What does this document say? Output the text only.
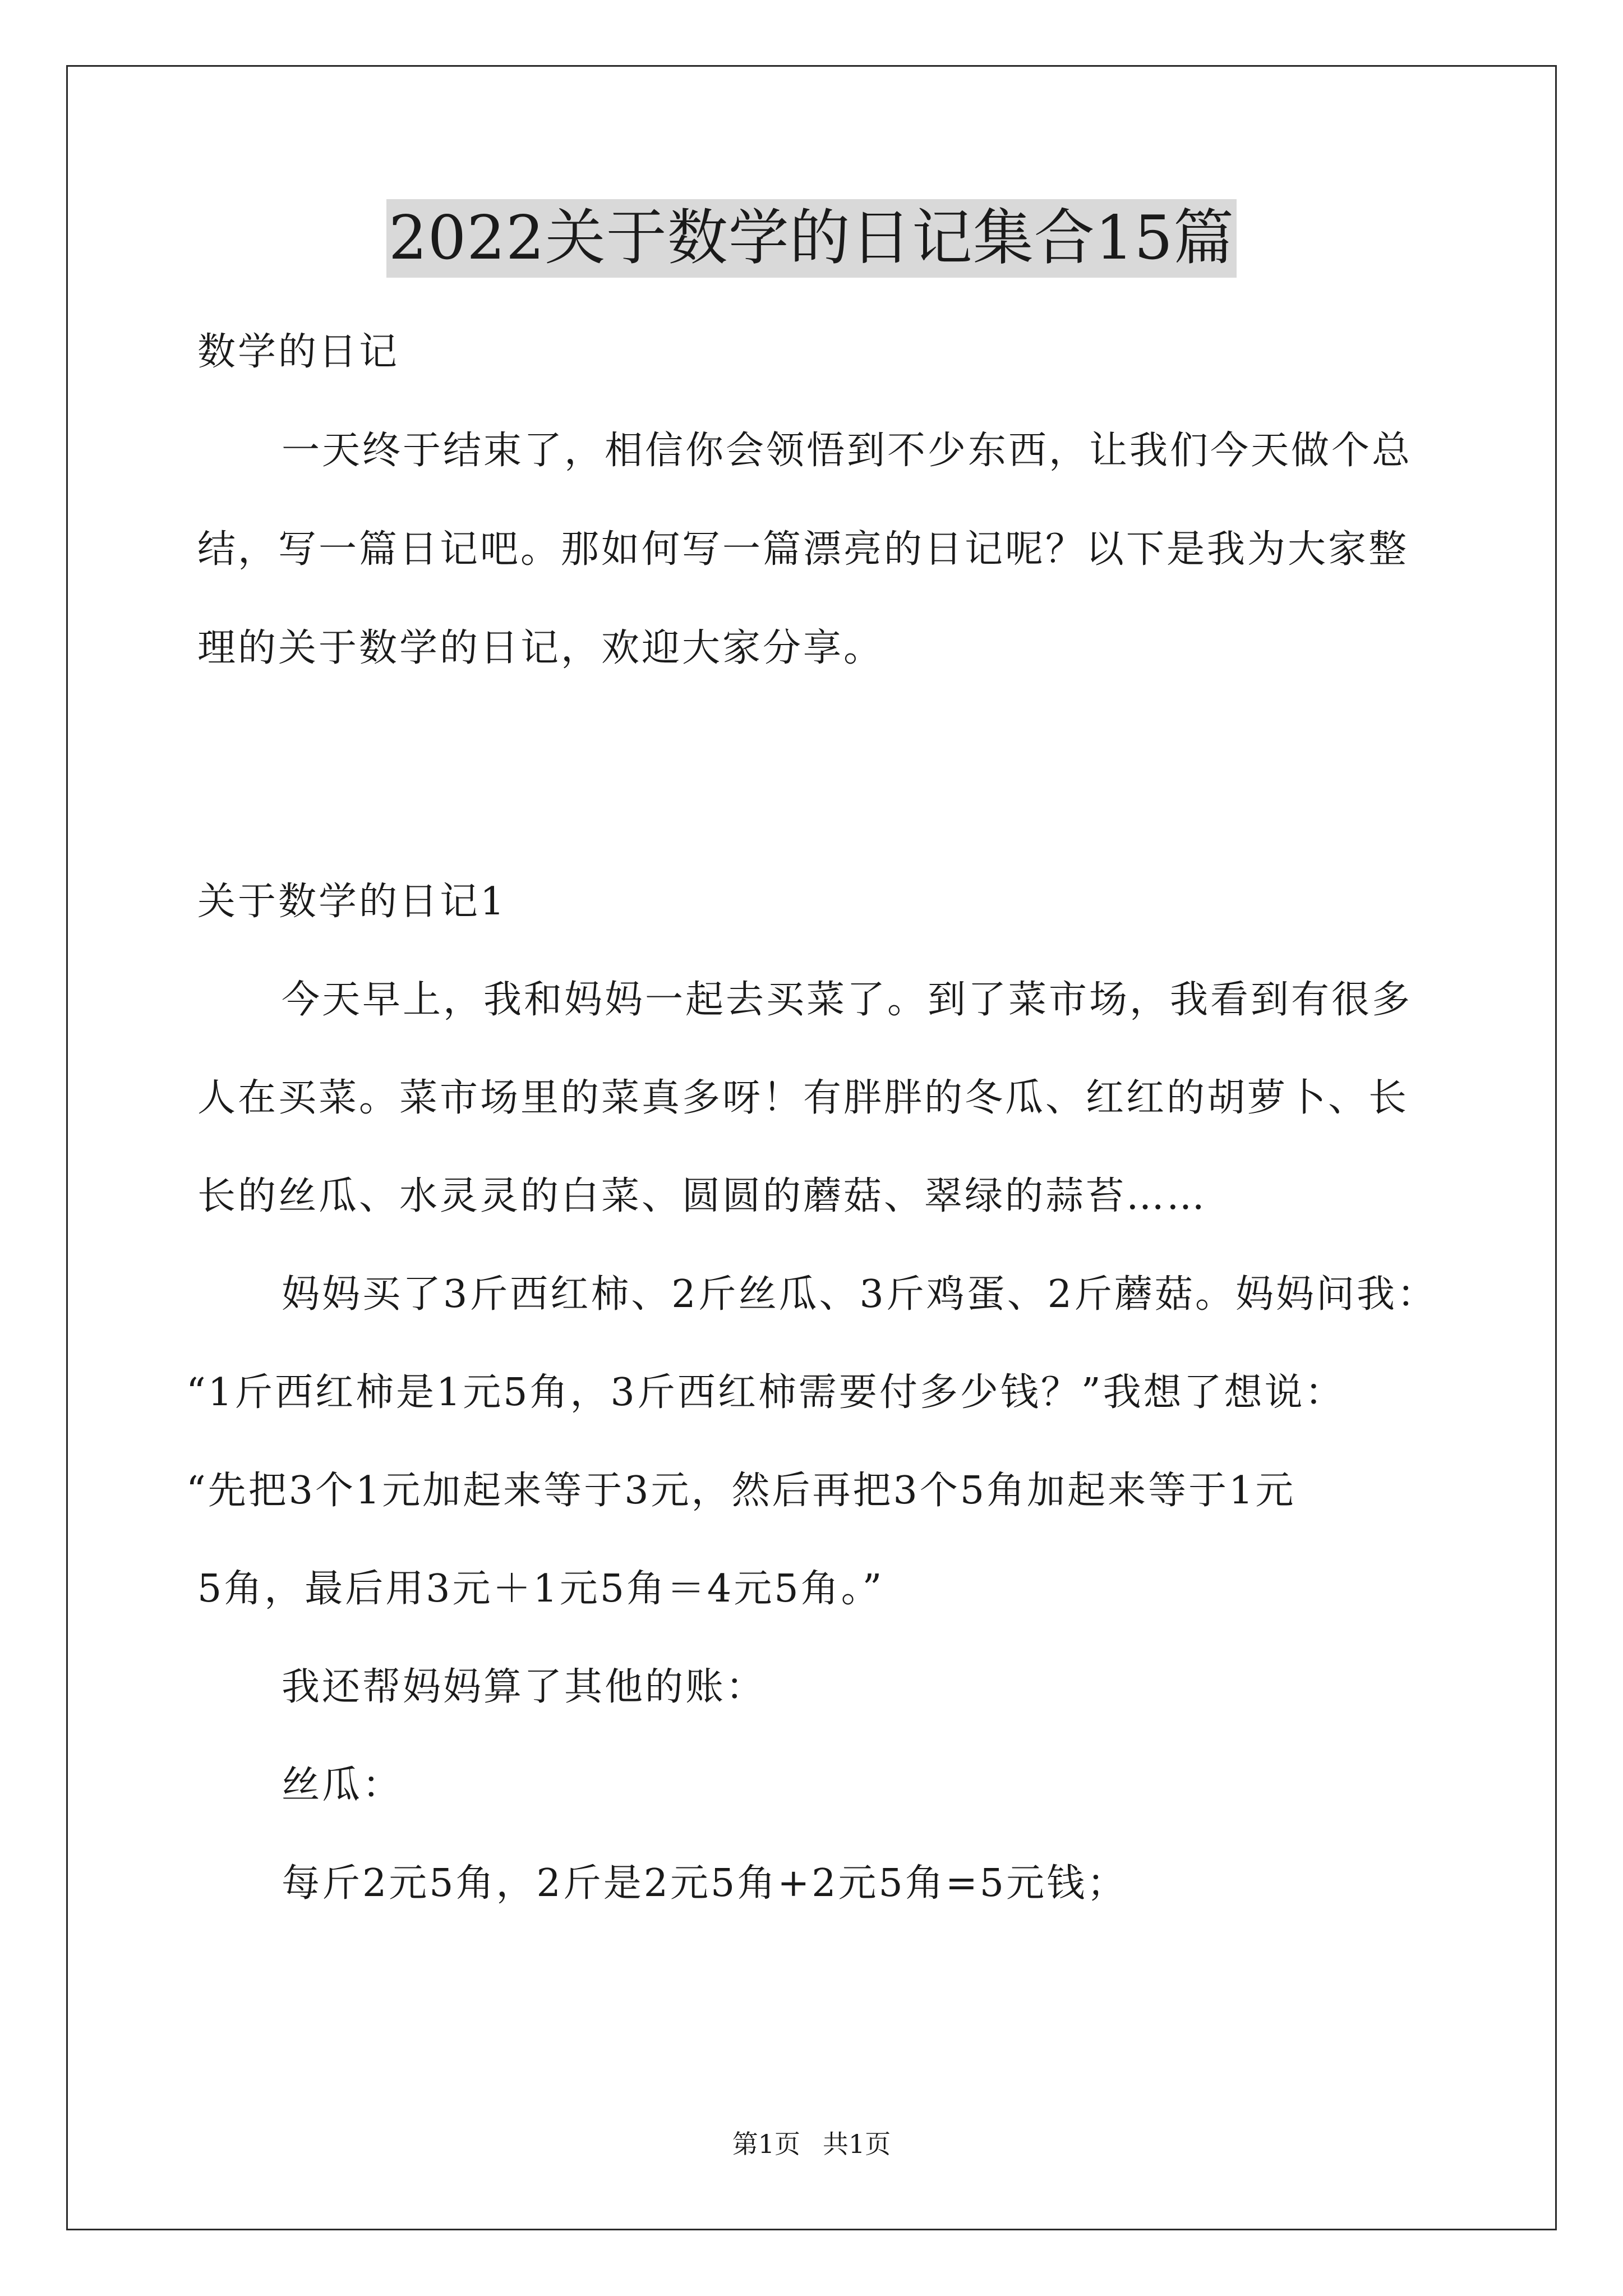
2022关于数学的日记集合15篇
数学的日记
一天终于结束了，相信你会领悟到不少东西，让我们今天做个总
结，写一篇日记吧。那如何写一篇漂亮的日记呢？以下是我为大家整
理的关于数学的日记，欢迎大家分享。
关于数学的日记1
今天早上，我和妈妈一起去买菜了。到了菜市场，我看到有很多
人在买菜。菜市场里的菜真多呀！有胖胖的冬瓜、红红的胡萝卜、长
长的丝瓜、水灵灵的白菜、圆圆的蘑菇、翠绿的蒜苔……
妈妈买了3斤西红柿、2斤丝瓜、3斤鸡蛋、2斤蘑菇。妈妈问我：
“1斤西红柿是1元5角，3斤西红柿需要付多少钱？”我想了想说：
“先把3个1元加起来等于3元，然后再把3个5角加起来等于1元
5角，最后用3元＋1元5角＝4元5角。”
我还帮妈妈算了其他的账：
丝瓜：
每斤2元5角，2斤是2元5角+2元5角=5元钱；
第1页 共1页
